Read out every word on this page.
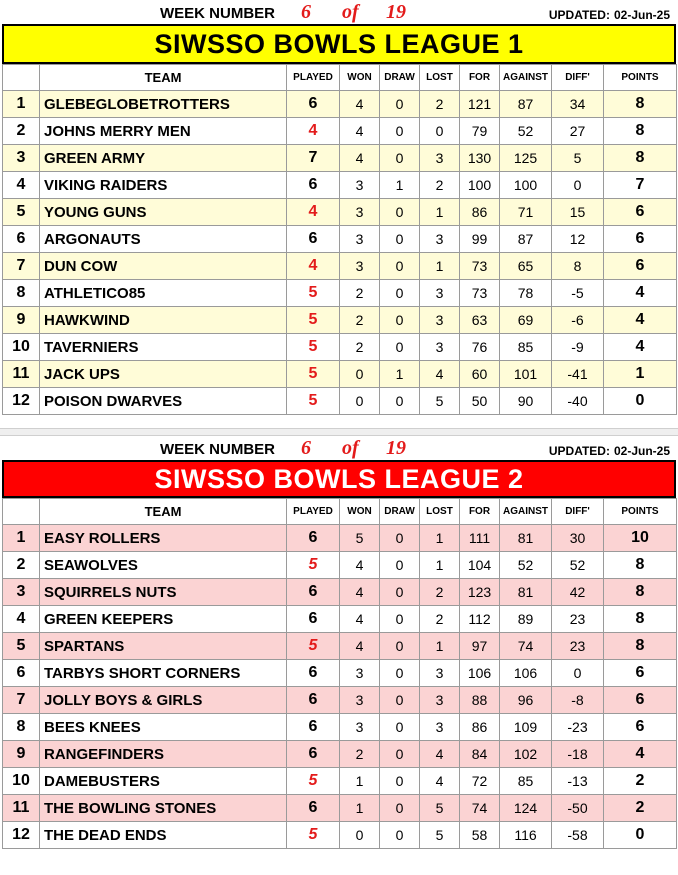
WEEK NUMBER 6 of 19	UPDATED: 02-Jun-25
SIWSSO BOWLS LEAGUE 1
	TEAM	PLAYED	WON	DRAW	LOST	FOR	AGAINST	DIFF'	POINTS
1	GLEBEGLOBETROTTERS	6	4	0	2	121	87	34	8
2	JOHNS MERRY MEN	4	4	0	0	79	52	27	8
3	GREEN ARMY	7	4	0	3	130	125	5	8
4	VIKING RAIDERS	6	3	1	2	100	100	0	7
5	YOUNG GUNS	4	3	0	1	86	71	15	6
6	ARGONAUTS	6	3	0	3	99	87	12	6
7	DUN COW	4	3	0	1	73	65	8	6
8	ATHLETICO85	5	2	0	3	73	78	-5	4
9	HAWKWIND	5	2	0	3	63	69	-6	4
10	TAVERNIERS	5	2	0	3	76	85	-9	4
11	JACK UPS	5	0	1	4	60	101	-41	1
12	POISON DWARVES	5	0	0	5	50	90	-40	0
WEEK NUMBER 6 of 19	UPDATED: 02-Jun-25
SIWSSO BOWLS LEAGUE 2
	TEAM	PLAYED	WON	DRAW	LOST	FOR	AGAINST	DIFF'	POINTS
1	EASY ROLLERS	6	5	0	1	111	81	30	10
2	SEAWOLVES	5	4	0	1	104	52	52	8
3	SQUIRRELS NUTS	6	4	0	2	123	81	42	8
4	GREEN KEEPERS	6	4	0	2	112	89	23	8
5	SPARTANS	5	4	0	1	97	74	23	8
6	TARBYS SHORT CORNERS	6	3	0	3	106	106	0	6
7	JOLLY BOYS & GIRLS	6	3	0	3	88	96	-8	6
8	BEES KNEES	6	3	0	3	86	109	-23	6
9	RANGEFINDERS	6	2	0	4	84	102	-18	4
10	DAMEBUSTERS	5	1	0	4	72	85	-13	2
11	THE BOWLING STONES	6	1	0	5	74	124	-50	2
12	THE DEAD ENDS	5	0	0	5	58	116	-58	0
